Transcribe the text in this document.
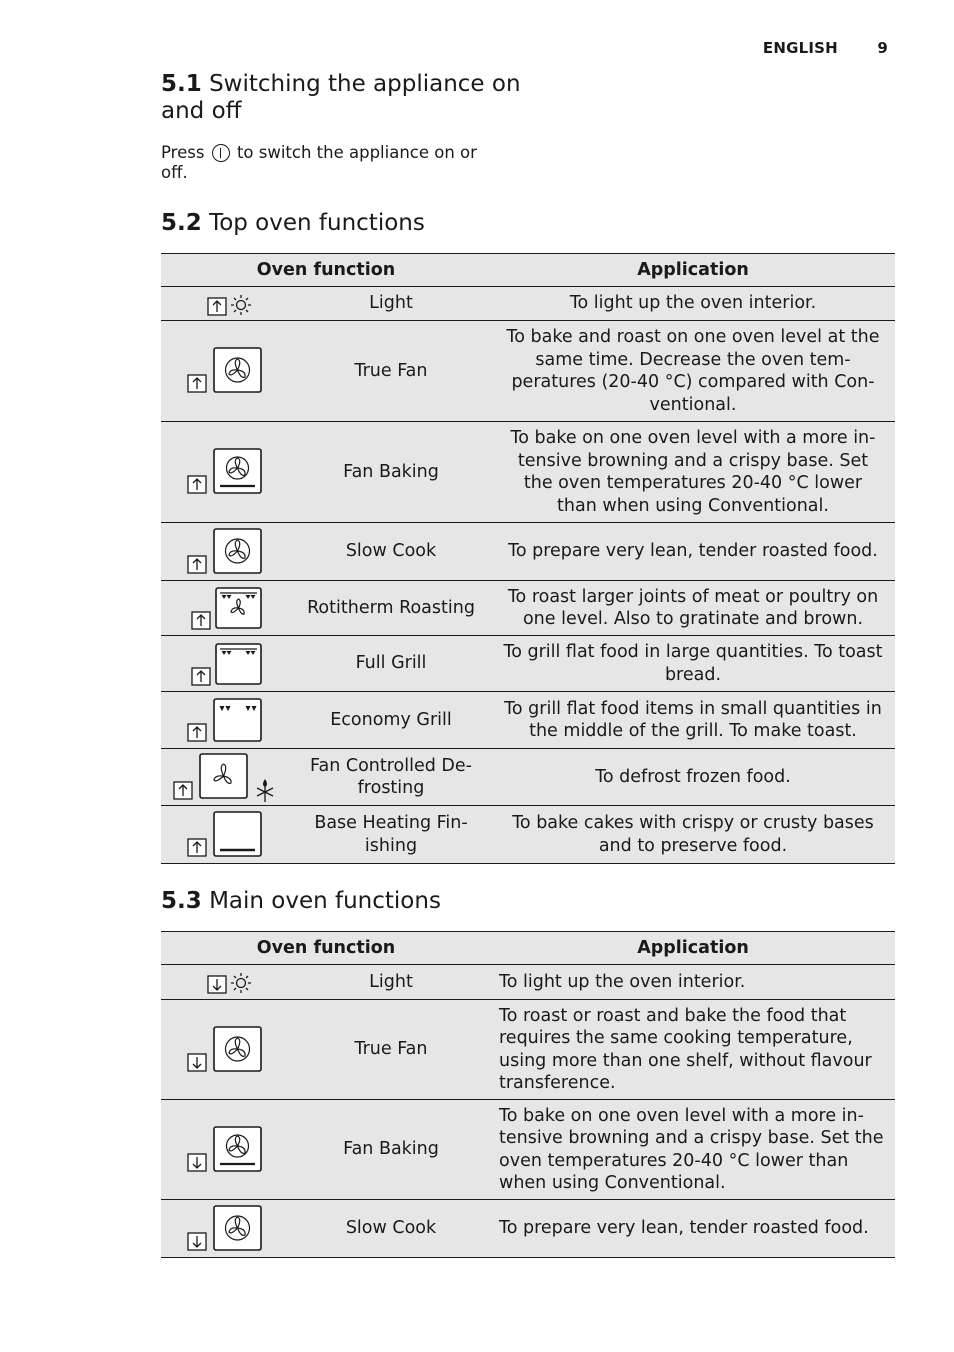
ENGLISH	9
5.1 Switching the appliance on and off

Press to switch the appliance on or off.

5.2 Top oven functions
Oven function		Application
	Light	To light up the oven interior.
	True Fan	To bake and roast on one oven level at the same time. Decrease the oven tem-peratures (20-40 °C) compared with Con-ventional.
	Fan Baking	To bake on one oven level with a more in-tensive browning and a crispy base. Set the oven temperatures 20-40 °C lower than when using Conventional.
	Slow Cook	To prepare very lean, tender roasted food.
	Rotitherm Roasting	To roast larger joints of meat or poultry on one level. Also to gratinate and brown.
	Full Grill	To grill flat food in large quantities. To toast bread.
	Economy Grill	To grill flat food items in small quantities in the middle of the grill. To make toast.
	Fan Controlled De-frosting	To defrost frozen food.
	Base Heating Fin-ishing	To bake cakes with crispy or crusty bases and to preserve food.
5.3 Main oven functions
Oven function		Application
	Light	To light up the oven interior.
	True Fan	To roast or roast and bake the food that requires the same cooking temperature, using more than one shelf, without flavour transference.
	Fan Baking	To bake on one oven level with a more in-tensive browning and a crispy base. Set the oven temperatures 20-40 °C lower than when using Conventional.
	Slow Cook	To prepare very lean, tender roasted food.
